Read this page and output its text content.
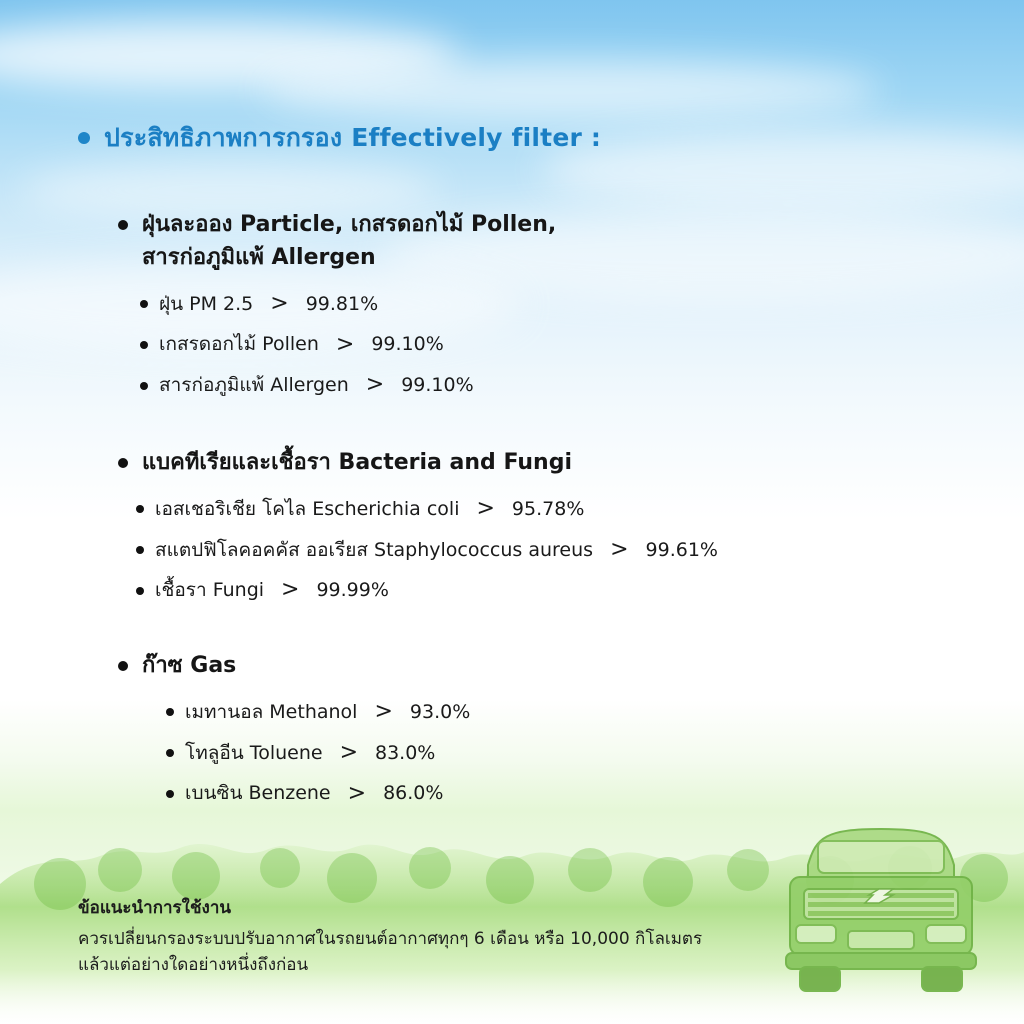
ประสิทธิภาพการกรอง Effectively filter :
ฝุ่นละออง Particle, เกสรดอกไม้ Pollen,
สารก่อภูมิแพ้ Allergen
ฝุ่น PM 2.5 > 99.81%
เกสรดอกไม้ Pollen > 99.10%
สารก่อภูมิแพ้ Allergen > 99.10%
แบคทีเรียและเชื้อรา Bacteria and Fungi
เอสเชอริเชีย โคไล Escherichia coli > 95.78%
สแตปฟิโลคอคคัส ออเรียส Staphylococcus aureus > 99.61%
เชื้อรา Fungi > 99.99%
ก๊าซ Gas
เมทานอล Methanol > 93.0%
โทลูอีน Toluene > 83.0%
เบนซิน Benzene > 86.0%
ข้อแนะนำการใช้งาน
ควรเปลี่ยนกรองระบบปรับอากาศในรถยนต์อากาศทุกๆ 6 เดือน หรือ 10,000 กิโลเมตร
แล้วแต่อย่างใดอย่างหนึ่งถึงก่อน
